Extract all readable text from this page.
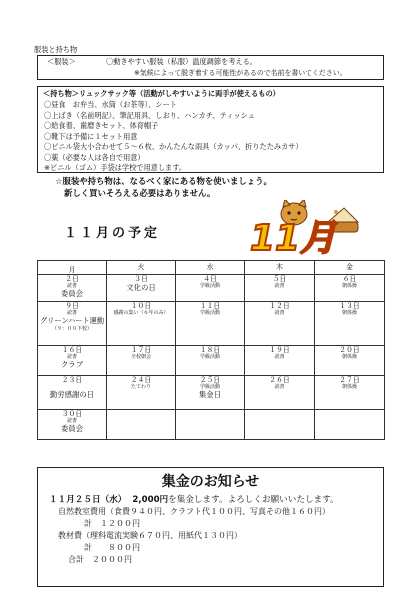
服装と持ち物
＜服装＞	〇動きやすい服装（私服）温度調節を考える。
※気候によって脱ぎ着する可能性があるので名前を書いてください。
＜持ち物＞リュックサック等（活動がしやすいように両手が使えるもの）
〇昼食　お弁当、水筒（お茶等）、シート
〇上ばき（名前明記）、筆記用具、しおり、ハンカチ、ティッシュ
〇給食着、歯磨きセット、体育帽子
〇靴下は予備に１セット用意
〇ビニル袋大小合わせて５～６枚、かんたんな雨具（カッパ、折りたたみカサ）
〇薬（必要な人は各自で用意）
※ビニル（ゴム）手袋は学校で用意します。
☆服装や持ち物は、なるべく家にある物を使いましょう。
新しく買いそろえる必要はありません。
１１月の予定 11月
月	火	水	木	金

２日
読書
委員会	３日
文化の日	４日
学級活動	５日
読書	６日
朝体操

９日
読書
グリーンハート運動
（９：００下校）	１０日
感謝の集い（６年のみ）	１１日
学級活動	１２日
読書	１３日
朝体操

１６日
読書
クラブ	１７日
全校朝会	１８日
学級活動	１９日
読書	２０日
朝体操

２３日
勤労感謝の日	２４日
たてわり	２５日
学級活動
集金日	２６日
読書	２７日
朝体操

３０日
読書
委員会				

集金のお知らせ
１１月２５日（水） 2,000円を集金します。よろしくお願いいたします。
自然教室費用（食費９４０円、クラフト代１００円、写真その他１６０円）
計　１２００円
教材費（理科電流実験６７０円、用紙代１３０円）
計　　８００円
合計　２０００円
